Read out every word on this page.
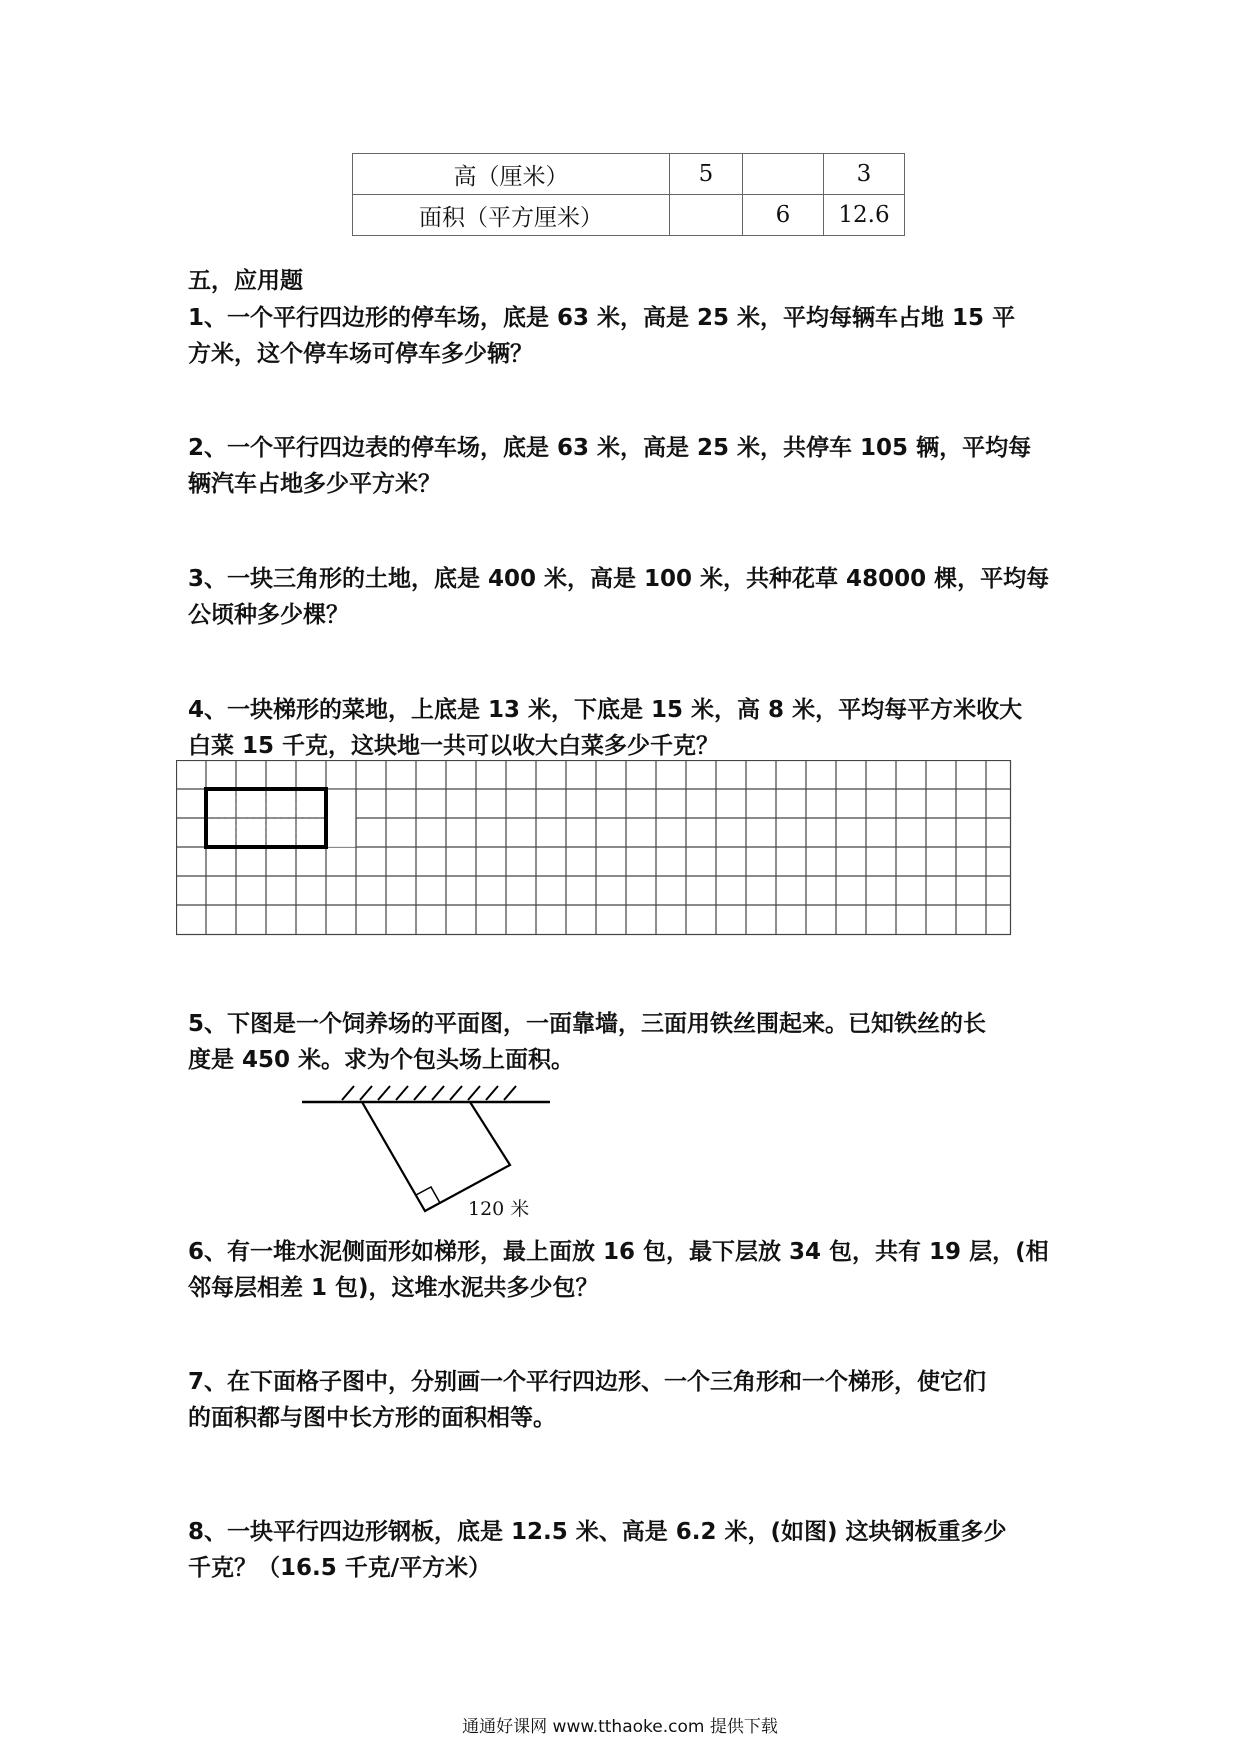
高（厘米）	5		3
面积（平方厘米）		6	12.6
五，应用题
1、一个平行四边形的停车场，底是 63 米，高是 25 米，平均每辆车占地 15 平
方米，这个停车场可停车多少辆？
2、一个平行四边表的停车场，底是 63 米，高是 25 米，共停车 105 辆，平均每
辆汽车占地多少平方米？
3、一块三角形的土地，底是 400 米，高是 100 米，共种花草 48000 棵，平均每
公顷种多少棵？
4、一块梯形的菜地，上底是 13 米，下底是 15 米，高 8 米，平均每平方米收大
白菜 15 千克，这块地一共可以收大白菜多少千克？
5、下图是一个饲养场的平面图，一面靠墙，三面用铁丝围起来。已知铁丝的长
度是 450 米。求为个包头场上面积。
120 米
6、有一堆水泥侧面形如梯形，最上面放 16 包，最下层放 34 包，共有 19 层，(相
邻每层相差 1 包)，这堆水泥共多少包？
7、在下面格子图中，分别画一个平行四边形、一个三角形和一个梯形，使它们
的面积都与图中长方形的面积相等。
8、一块平行四边形钢板，底是 12.5 米、高是 6.2 米，(如图) 这块钢板重多少
千克？（16.5 千克/平方米）
通通好课网 www.tthaoke.com 提供下载
